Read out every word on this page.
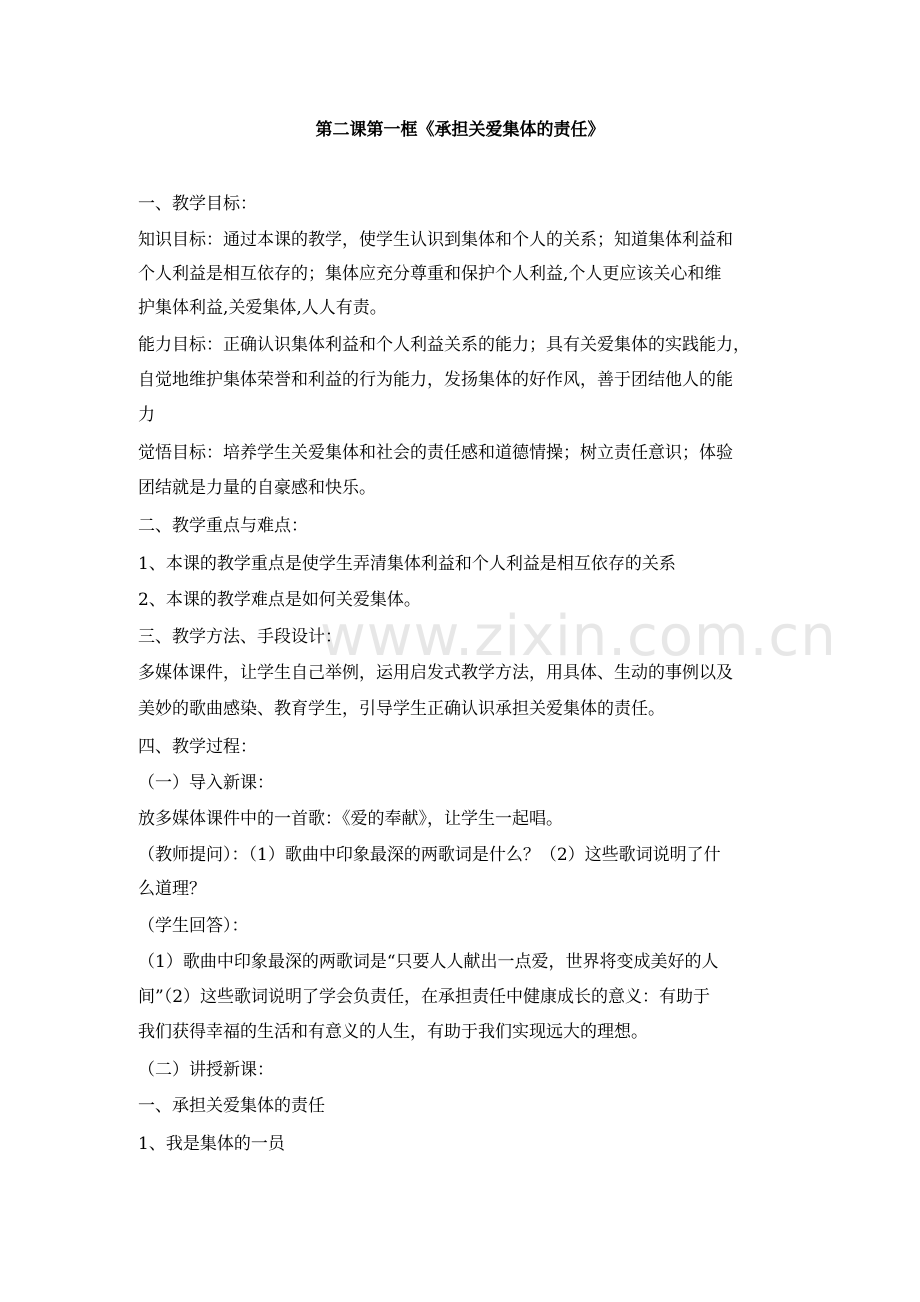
第二课第一框《承担关爱集体的责任》
www.zixin.com.cn
一、教学目标：
知识目标：通过本课的教学，使学生认识到集体和个人的关系；知道集体利益和
个人利益是相互依存的；集体应充分尊重和保护个人利益,个人更应该关心和维
护集体利益,关爱集体,人人有责。
能力目标：正确认识集体利益和个人利益关系的能力；具有关爱集体的实践能力，
自觉地维护集体荣誉和利益的行为能力，发扬集体的好作风，善于团结他人的能
力
觉悟目标：培养学生关爱集体和社会的责任感和道德情操；树立责任意识；体验
团结就是力量的自豪感和快乐。
二、教学重点与难点：
1、本课的教学重点是使学生弄清集体利益和个人利益是相互依存的关系
2、本课的教学难点是如何关爱集体。
三、教学方法、手段设计：
多媒体课件，让学生自己举例，运用启发式教学方法，用具体、生动的事例以及
美妙的歌曲感染、教育学生，引导学生正确认识承担关爱集体的责任。
四、教学过程：
（一）导入新课：
放多媒体课件中的一首歌：《爱的奉献》，让学生一起唱。
（教师提问）：（1）歌曲中印象最深的两歌词是什么？（2）这些歌词说明了什
么道理？
（学生回答）：
（1）歌曲中印象最深的两歌词是“只要人人献出一点爱，世界将变成美好的人
间”（2）这些歌词说明了学会负责任，在承担责任中健康成长的意义：有助于
我们获得幸福的生活和有意义的人生，有助于我们实现远大的理想。
（二）讲授新课：
一、承担关爱集体的责任
1、我是集体的一员
